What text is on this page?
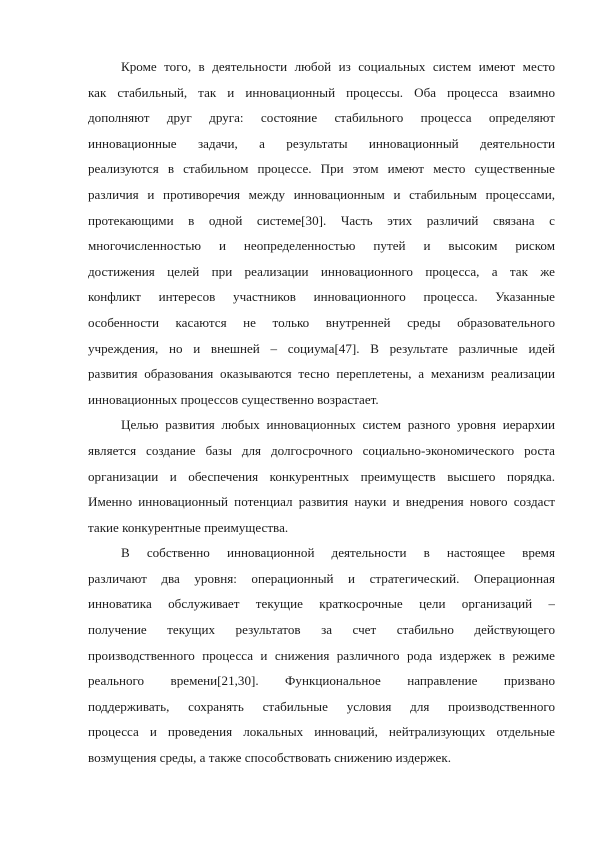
Кроме того, в деятельности любой из социальных систем имеют место
как стабильный, так и инновационный процессы. Оба процесса взаимно
дополняют друг друга: состояние стабильного процесса определяют
инновационные задачи, а результаты инновационный деятельности
реализуются в стабильном процессе. При этом имеют место существенные
различия и противоречия между инновационным и стабильным процессами,
протекающими в одной системе[30]. Часть этих различий связана с
многочисленностью и неопределенностью путей и высоким риском
достижения целей при реализации инновационного процесса, а так же
конфликт интересов участников инновационного процесса. Указанные
особенности касаются не только внутренней среды образовательного
учреждения, но и внешней – социума[47]. В результате различные идей
развития образования оказываются тесно переплетены, а механизм реализации
инновационных процессов существенно возрастает.

Целью развития любых инновационных систем разного уровня иерархии
является создание базы для долгосрочного социально-экономического роста
организации и обеспечения конкурентных преимуществ высшего порядка.
Именно инновационный потенциал развития науки и внедрения нового создаст
такие конкурентные преимущества.

В собственно инновационной деятельности в настоящее время
различают два уровня: операционный и стратегический. Операционная
инноватика обслуживает текущие краткосрочные цели организаций –
получение текущих результатов за счет стабильно действующего
производственного процесса и снижения различного рода издержек в режиме
реального времени[21,30]. Функциональное направление призвано
поддерживать, сохранять стабильные условия для производственного
процесса и проведения локальных инноваций, нейтрализующих отдельные
возмущения среды, а также способствовать снижению издержек.
